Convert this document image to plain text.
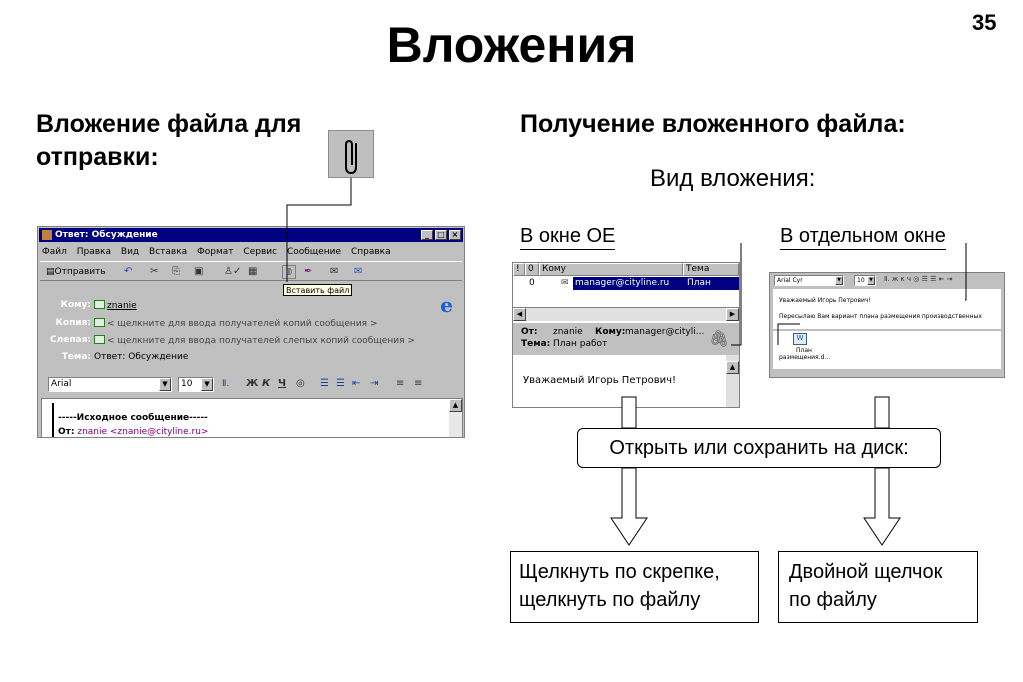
35
Вложения
Вложение файла для отправки:
Получение вложенного файла:
Вид вложения:
В окне ОЕ	В отдельном окне
Ответ: Обсуждение	_	□ ×
Файл Правка Вид Вставка Формат Сервис Сообщение Справка
▤Отправить ↶ ✂ ⎘ ▣ ♙✓ ▦	𝟘	✒ ✉ ✉
Вставить файл
Кому:	znanie
Копия:	< щелкните для ввода получателей копий сообщения >
Слепая:	< щелкните для ввода получателей слепых копий сообщения >
Тема: Ответ: Обсуждение
e
Arial	▼	10	▼	Ⅱ. Ж К Ч ◎ ☰ ☰ ⇤ ⇥ ≡ ≡
-----Исходное сообщение-----
От: znanie <znanie@cityline.ru>
▲
! 0 Кому	Тема
0	✉ manager@cityline.ru План работ
◀	▶
От: znanie Кому: manager@cityli...
Тема: План работ	🖇
Уважаемый Игорь Петрович!
▲
Arial Cyr	▼	10 ▼ Ⅱ. ж к ч ◎ ☰ ☰ ⇤ ⇥
Уважаемый Игорь Петрович!
Пересылаю Вам вариант плана размещения производственных
W
План размещения.d...
Открыть или сохранить на диск:
Щелкнуть по скрепке, щелкнуть по файлу
Двойной щелчок по файлу
